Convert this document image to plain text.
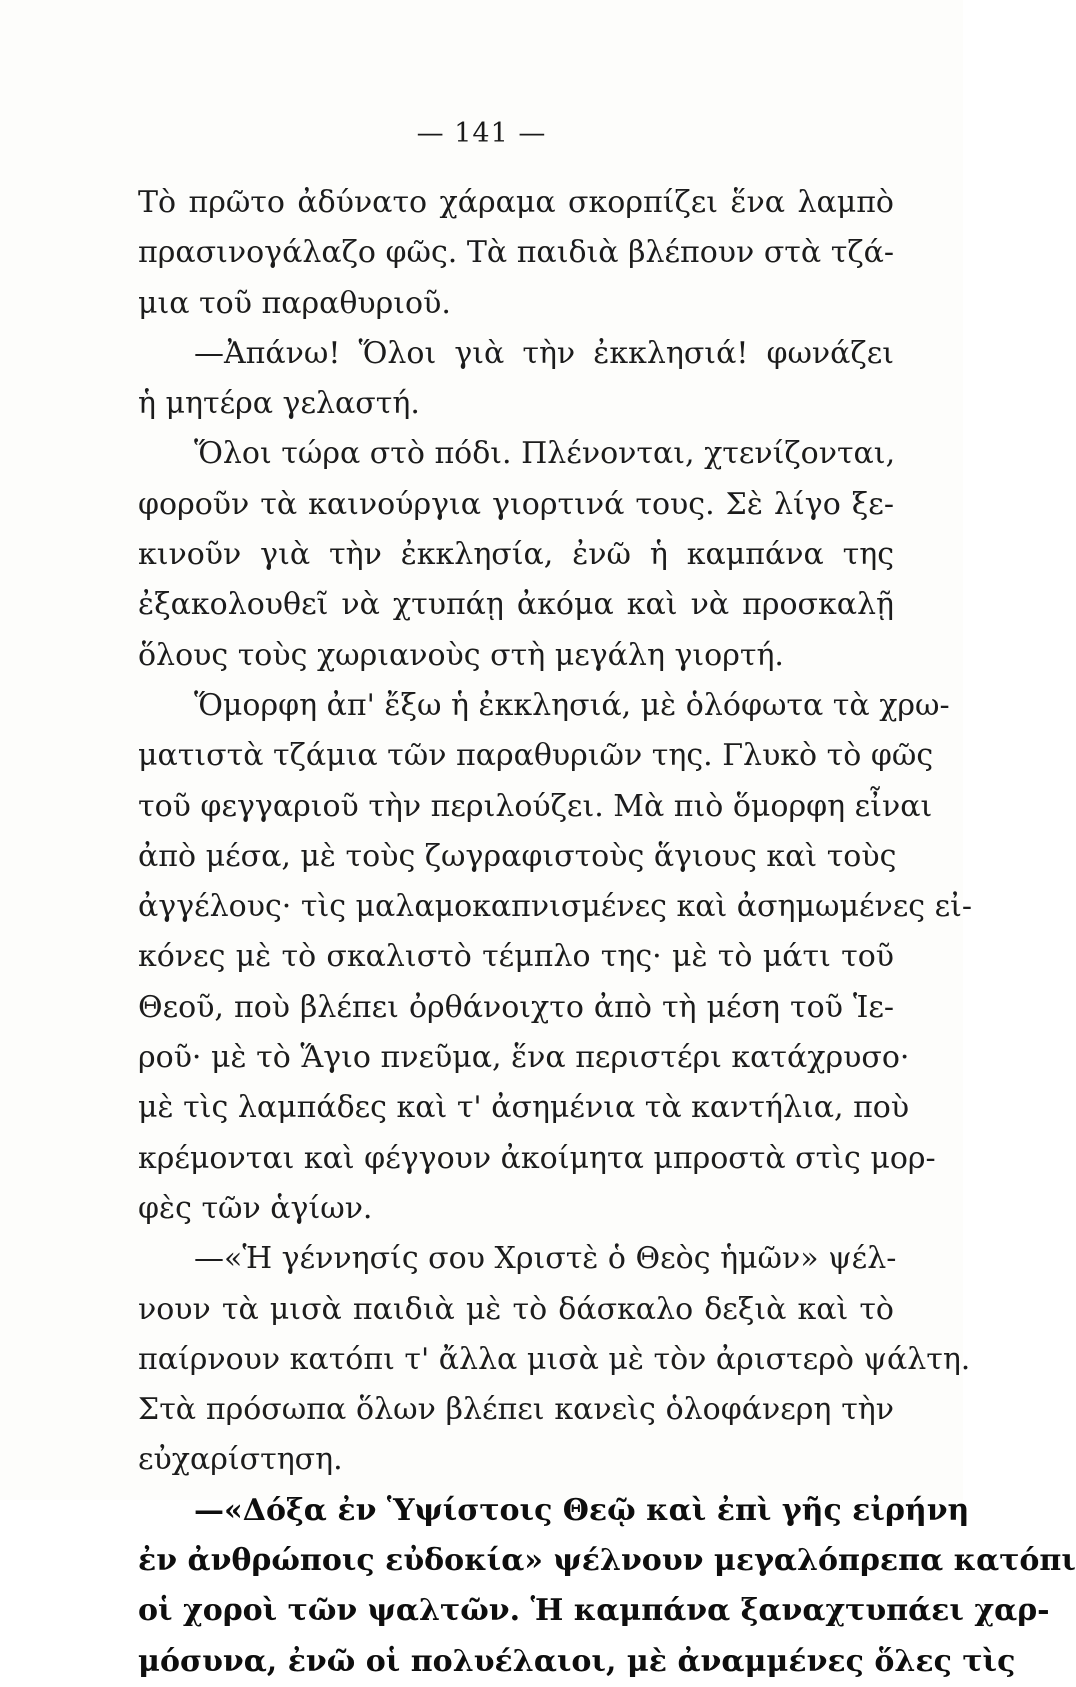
— 141 —
Τὸ πρῶτο ἀδύνατο χάραμα σκορπίζει ἕνα λαμπὸ
πρασινογάλαζο φῶς. Τὰ παιδιὰ βλέπουν στὰ τζά-
μια τοῦ παραθυριοῦ.
—Ἀπάνω! Ὅλοι γιὰ τὴν ἐκκλησιά! φωνάζει
ἡ μητέρα γελαστή.
Ὅλοι τώρα στὸ πόδι. Πλένονται, χτενίζονται,
φοροῦν τὰ καινούργια γιορτινά τους. Σὲ λίγο ξε-
κινοῦν γιὰ τὴν ἐκκλησία, ἐνῶ ἡ καμπάνα της
ἐξακολουθεῖ νὰ χτυπάῃ ἀκόμα καὶ νὰ προσκαλῇ
ὅλους τοὺς χωριανοὺς στὴ μεγάλη γιορτή.
Ὅμορφη ἀπ' ἔξω ἡ ἐκκλησιά, μὲ ὁλόφωτα τὰ χρω-
ματιστὰ τζάμια τῶν παραθυριῶν της. Γλυκὸ τὸ φῶς
τοῦ φεγγαριοῦ τὴν περιλούζει. Μὰ πιὸ ὅμορφη εἶναι
ἀπὸ μέσα, μὲ τοὺς ζωγραφιστοὺς ἅγιους καὶ τοὺς
ἀγγέλους· τὶς μαλαμοκαπνισμένες καὶ ἀσημωμένες εἰ-
κόνες μὲ τὸ σκαλιστὸ τέμπλο της· μὲ τὸ μάτι τοῦ
Θεοῦ, ποὺ βλέπει ὀρθάνοιχτο ἀπὸ τὴ μέση τοῦ Ἱε-
ροῦ· μὲ τὸ Ἅγιο πνεῦμα, ἕνα περιστέρι κατάχρυσο·
μὲ τὶς λαμπάδες καὶ τ' ἀσημένια τὰ καντήλια, ποὺ
κρέμονται καὶ φέγγουν ἀκοίμητα μπροστὰ στὶς μορ-
φὲς τῶν ἁγίων.
—«Ἡ γέννησίς σου Χριστὲ ὁ Θεὸς ἡμῶν» ψέλ-
νουν τὰ μισὰ παιδιὰ μὲ τὸ δάσκαλο δεξιὰ καὶ τὸ
παίρνουν κατόπι τ' ἄλλα μισὰ μὲ τὸν ἀριστερὸ ψάλτη.
Στὰ πρόσωπα ὅλων βλέπει κανεὶς ὁλοφάνερη τὴν
εὐχαρίστηση.
—«Δόξα ἐν Ὑψίστοις Θεῷ καὶ ἐπὶ γῆς εἰρήνη
ἐν ἀνθρώποις εὐδοκία» ψέλνουν μεγαλόπρεπα κατόπι
οἱ χοροὶ τῶν ψαλτῶν. Ἡ καμπάνα ξαναχτυπάει χαρ-
μόσυνα, ἐνῶ οἱ πολυέλαιοι, μὲ ἀναμμένες ὅλες τὶς
